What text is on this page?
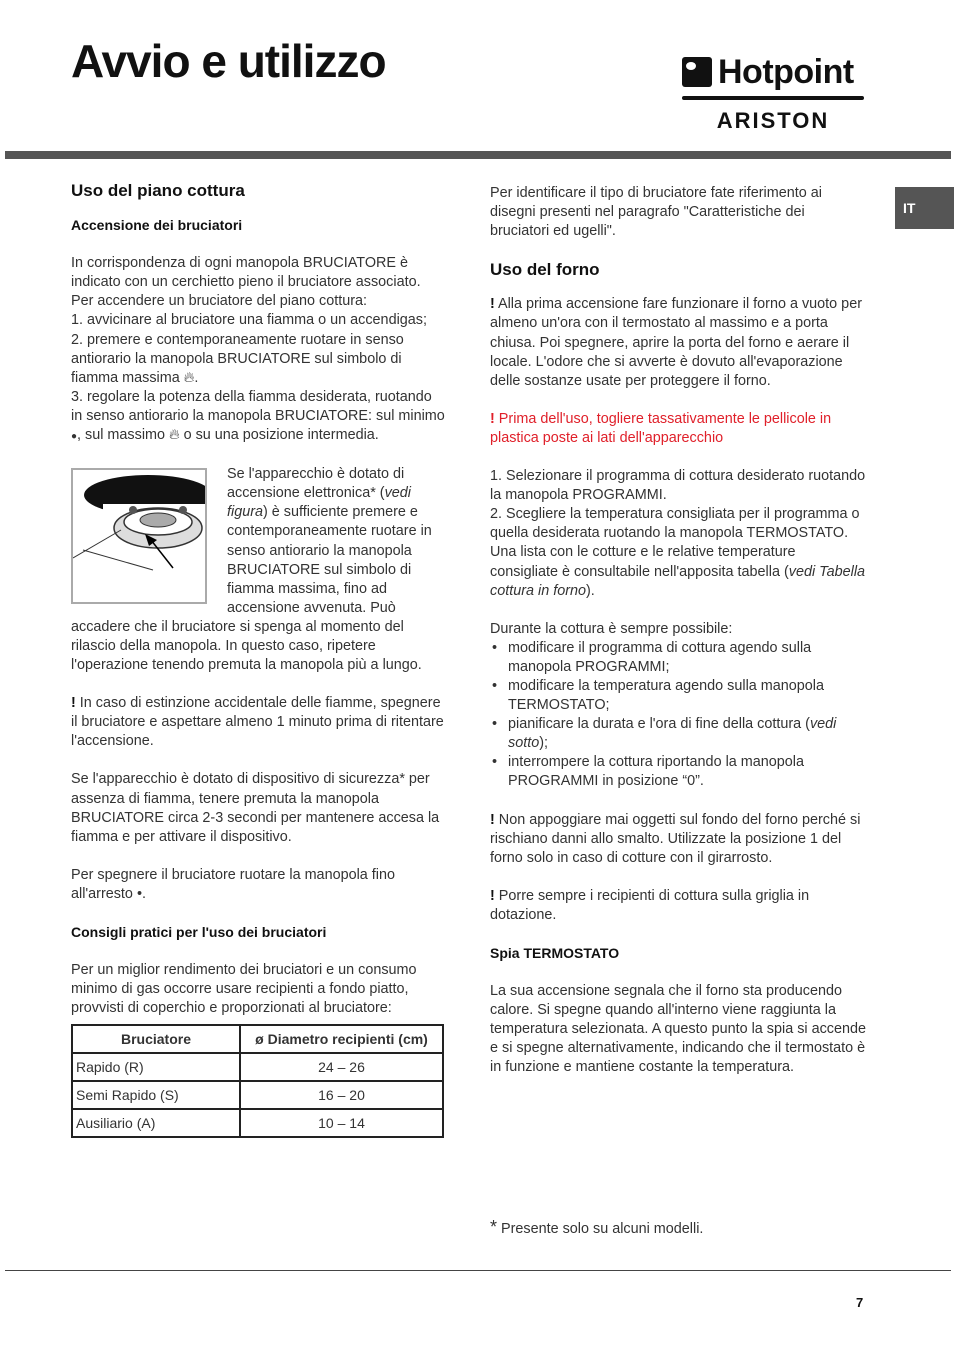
Avvio e utilizzo	Hotpoint
ARISTON
IT
Uso del piano cottura
Accensione dei bruciatori

In corrispondenza di ogni manopola BRUCIATORE è indicato con un cerchietto pieno il bruciatore associato.

Per accendere un bruciatore del piano cottura:

1. avvicinare al bruciatore una fiamma o un accendigas;

2. premere e contemporaneamente ruotare in senso antiorario la manopola BRUCIATORE sul simbolo di fiamma massima 🔥︎.

3. regolare la potenza della fiamma desiderata, ruotando in senso antiorario la manopola BRUCIATORE: sul minimo ●, sul massimo 🔥︎ o su una posizione intermedia.

Se l'apparecchio è dotato di accensione elettronica* (vedi figura) è sufficiente premere e contemporaneamente ruotare in senso antiorario la manopola BRUCIATORE sul simbolo di fiamma massima, fino ad accensione avvenuta. Può accadere che il bruciatore si spenga al momento del rilascio della manopola. In questo caso, ripetere l'operazione tenendo premuta la manopola più a lungo.

! In caso di estinzione accidentale delle fiamme, spegnere il bruciatore e aspettare almeno 1 minuto prima di ritentare l'accensione.

Se l'apparecchio è dotato di dispositivo di sicurezza* per assenza di fiamma, tenere premuta la manopola BRUCIATORE circa 2-3 secondi per mantenere accesa la fiamma e per attivare il dispositivo.

Per spegnere il bruciatore ruotare la manopola fino all'arresto •.

Consigli pratici per l'uso dei bruciatori

Per un miglior rendimento dei bruciatori e un consumo minimo di gas occorre usare recipienti a fondo piatto, provvisti di coperchio e proporzionati al bruciatore:

Bruciatore	ø Diametro recipienti (cm)
Rapido (R)	24 – 26
Semi Rapido (S)	16 – 20
Ausiliario (A)	10 – 14

Per identificare il tipo di bruciatore fate riferimento ai disegni presenti nel paragrafo "Caratteristiche dei bruciatori ed ugelli".

Uso del forno

! Alla prima accensione fare funzionare il forno a vuoto per almeno un'ora con il termostato al massimo e a porta chiusa. Poi spegnere, aprire la porta del forno e aerare il locale. L'odore che si avverte è dovuto all'evaporazione delle sostanze usate per proteggere il forno.

! Prima dell'uso, togliere tassativamente le pellicole in plastica poste ai lati dell'apparecchio

1. Selezionare il programma di cottura desiderato ruotando la manopola PROGRAMMI.

2. Scegliere la temperatura consigliata per il programma o quella desiderata ruotando la manopola TERMOSTATO.

Una lista con le cotture e le relative temperature consigliate è consultabile nell'apposita tabella (vedi Tabella cottura in forno).

Durante la cottura è sempre possibile:

• modificare il programma di cottura agendo sulla manopola PROGRAMMI;
• modificare la temperatura agendo sulla manopola TERMOSTATO;
• pianificare la durata e l'ora di fine della cottura (vedi sotto);
• interrompere la cottura riportando la manopola PROGRAMMI in posizione “0”.

! Non appoggiare mai oggetti sul fondo del forno perché si rischiano danni allo smalto. Utilizzate la posizione 1 del forno solo in caso di cotture con il girarrosto.

! Porre sempre i recipienti di cottura sulla griglia in dotazione.

Spia TERMOSTATO

La sua accensione segnala che il forno sta producendo calore. Si spegne quando all'interno viene raggiunta la temperatura selezionata. A questo punto la spia si accende e si spegne alternativamente, indicando che il termostato è in funzione e mantiene costante la temperatura.

* Presente solo su alcuni modelli.
7
